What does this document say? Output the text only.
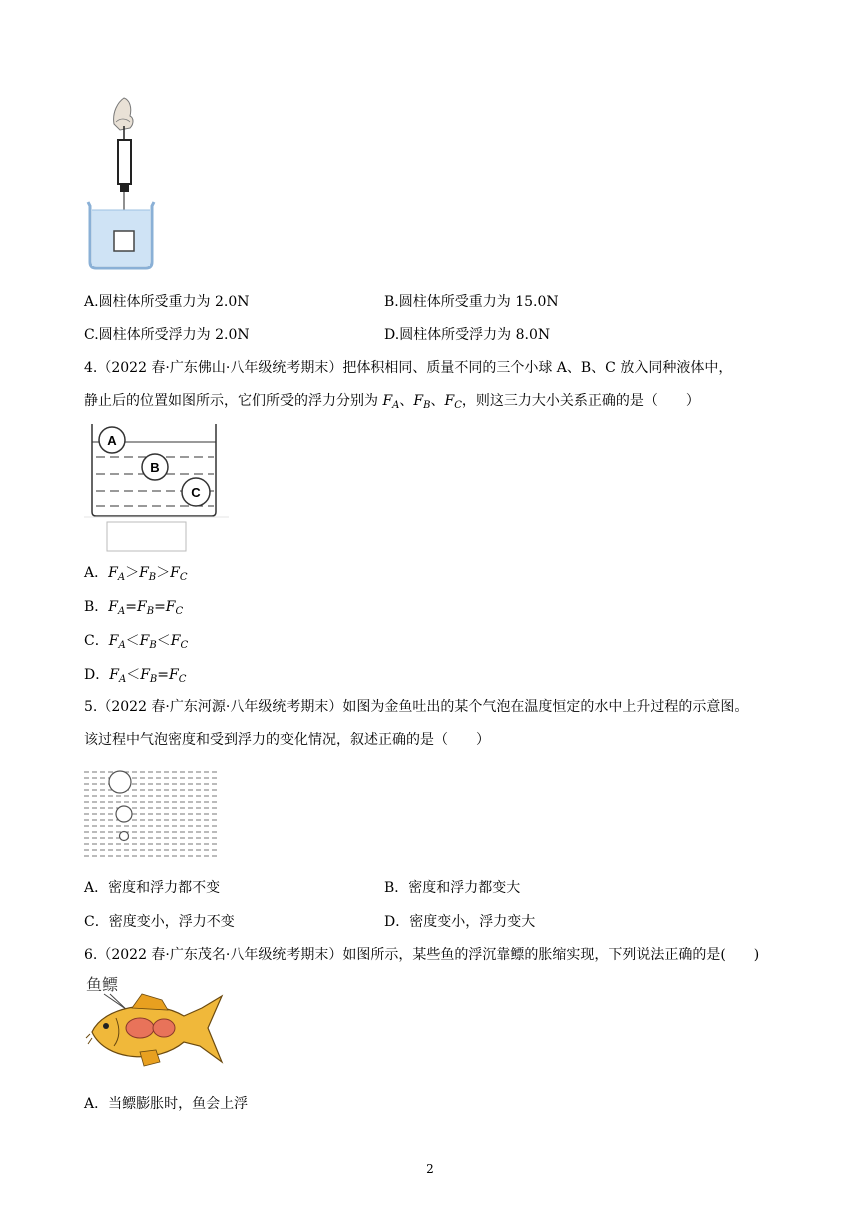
A.圆柱体所受重力为 2.0N	B.圆柱体所受重力为 15.0N
C.圆柱体所受浮力为 2.0N	D.圆柱体所受浮力为 8.0N
4.（2022 春·广东佛山·八年级统考期末）把体积相同、质量不同的三个小球 A、B、C 放入同种液体中，
静止后的位置如图所示，它们所受的浮力分别为 $F_A$、$F_B$、$F_C$，则这三力大小关系正确的是（　　）
A
B
C
A．$F_A>F_B>F_C$
B．$F_A=F_B=F_C$
C．$F_A<F_B<F_C$
D．$F_A<F_B=F_C$
5.（2022 春·广东河源·八年级统考期末）如图为金鱼吐出的某个气泡在温度恒定的水中上升过程的示意图。
该过程中气泡密度和受到浮力的变化情况，叙述正确的是（　　）
A．密度和浮力都不变	B．密度和浮力都变大
C．密度变小，浮力不变	D．密度变小，浮力变大
6.（2022 春·广东茂名·八年级统考期末）如图所示，某些鱼的浮沉靠鳔的胀缩实现，下列说法正确的是(　　)
鱼鳔
A．当鳔膨胀时，鱼会上浮
2
